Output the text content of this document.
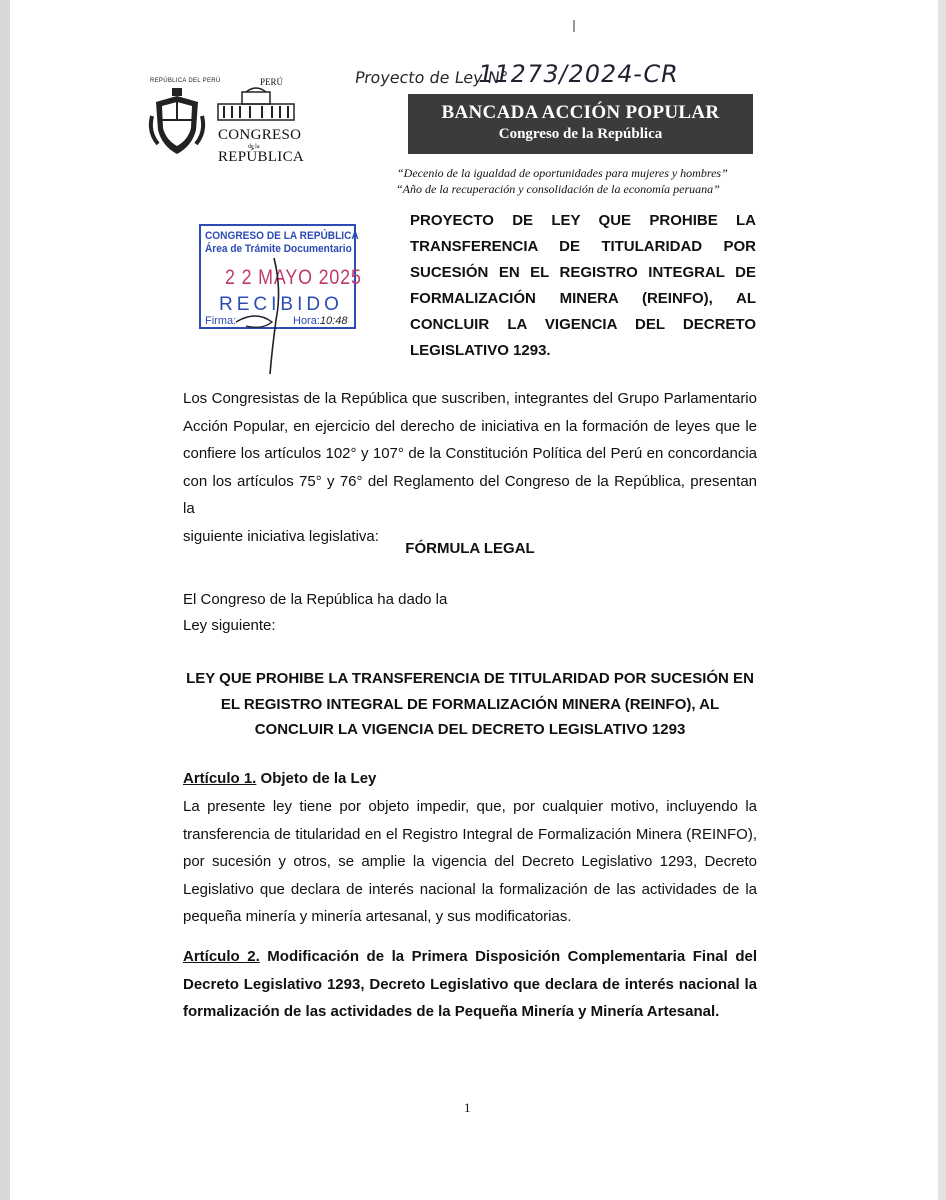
REPÚBLICA DEL PERÚ	PERÚ
CONGRESO
de la
REPÚBLICA
Proyecto de Ley N°
11273/2024-CR
BANCADA ACCIÓN POPULAR
Congreso de la República
“Decenio de la igualdad de oportunidades para mujeres y hombres”
“Año de la recuperación y consolidación de la economía peruana”
PROYECTO DE LEY QUE PROHIBE LA
TRANSFERENCIA DE TITULARIDAD POR
SUCESIÓN EN EL REGISTRO INTEGRAL DE
FORMALIZACIÓN MINERA (REINFO), AL
CONCLUIR LA VIGENCIA DEL DECRETO
LEGISLATIVO 1293.
CONGRESO DE LA REPÚBLICA
Área de Trámite Documentario
2 2 MAYO 2025
RECIBIDO
Firma:	Hora:10:48
Los Congresistas de la República que suscriben, integrantes del Grupo Parlamentario
Acción Popular, en ejercicio del derecho de iniciativa en la formación de leyes que le
confiere los artículos 102° y 107° de la Constitución Política del Perú en concordancia
con los artículos 75° y 76° del Reglamento del Congreso de la República, presentan la
siguiente iniciativa legislativa:
FÓRMULA LEGAL
El Congreso de la República ha dado la
Ley siguiente:
LEY QUE PROHIBE LA TRANSFERENCIA DE TITULARIDAD POR SUCESIÓN EN
EL REGISTRO INTEGRAL DE FORMALIZACIÓN MINERA (REINFO), AL
CONCLUIR LA VIGENCIA DEL DECRETO LEGISLATIVO 1293
Artículo 1. Objeto de la Ley
La presente ley tiene por objeto impedir, que, por cualquier motivo, incluyendo la
transferencia de titularidad en el Registro Integral de Formalización Minera (REINFO),
por sucesión y otros, se amplie la vigencia del Decreto Legislativo 1293, Decreto
Legislativo que declara de interés nacional la formalización de las actividades de la
pequeña minería y minería artesanal, y sus modificatorias.
Artículo 2. Modificación de la Primera Disposición Complementaria Final del
Decreto Legislativo 1293, Decreto Legislativo que declara de interés nacional la
formalización de las actividades de la Pequeña Minería y Minería Artesanal.
1
